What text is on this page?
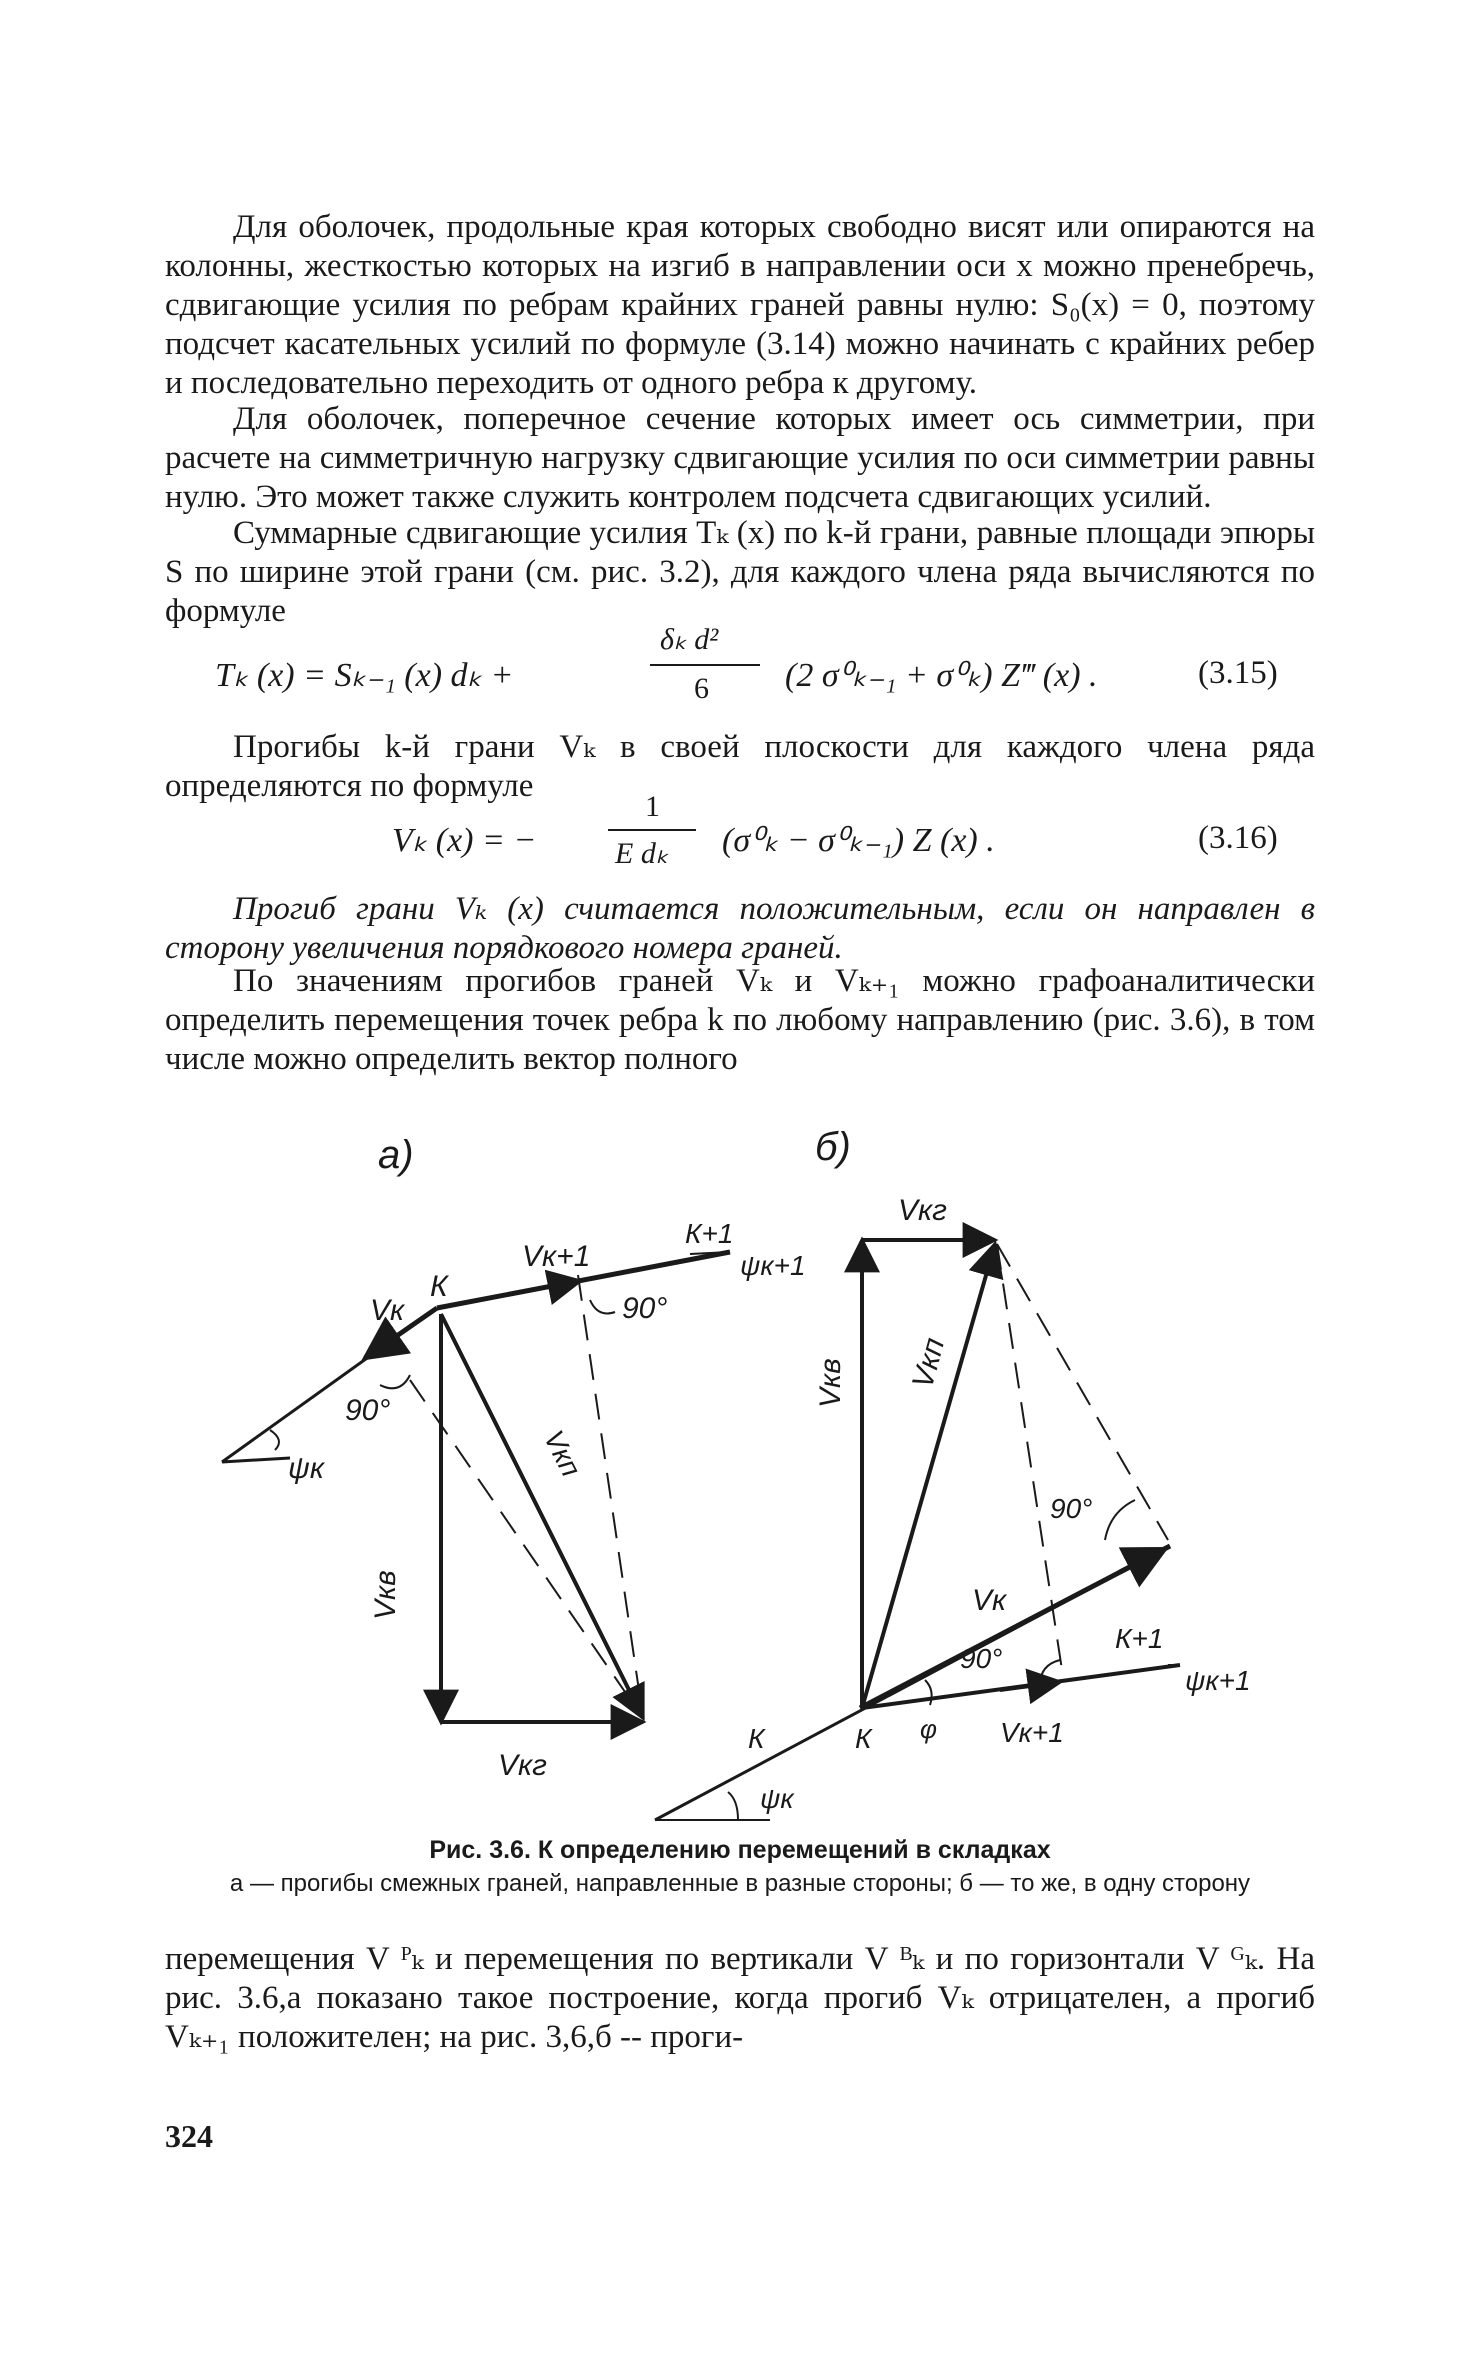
Для оболочек, продольные края которых свободно висят или опираются на колонны, жесткостью которых на изгиб в направлении оси x можно пренебречь, сдвигающие усилия по ребрам крайних граней равны нулю: S₀(x) = 0, поэтому подсчет касательных усилий по формуле (3.14) можно начинать с крайних ребер и последовательно переходить от одного ребра к другому.

Для оболочек, поперечное сечение которых имеет ось симметрии, при расчете на симметричную нагрузку сдвигающие усилия по оси симметрии равны нулю. Это может также служить контролем подсчета сдвигающих усилий.

Суммарные сдвигающие усилия Tₖ (x) по k-й грани, равные площади эпюры S по ширине этой грани (см. рис. 3.2), для каждого члена ряда вычисляются по формуле

Tₖ (x) = Sₖ₋₁ (x) dₖ +
δₖ d²
6 (2 σ⁰ₖ₋₁ + σ⁰ₖ) Z‴ (x) .	(3.15)

Прогибы k-й грани Vₖ в своей плоскости для каждого члена ряда определяются по формуле

Vₖ (x) = −
1
E dₖ (σ⁰ₖ − σ⁰ₖ₋₁) Z (x) .	(3.16)

Прогиб грани Vₖ (x) считается положительным, если он направлен в сторону увеличения порядкового номера граней.

По значениям прогибов граней Vₖ и Vₖ₊₁ можно графоаналитически определить перемещения точек ребра k по любому направлению (рис. 3.6), в том числе можно определить вектор полного

а)
Vк
К
Vк+1
К+1
ψк+1
90°
90°
ψк	Vкп
Vкв
Vкг
б)
Vкг
Vкв Vкп
90°
Vк
90°
К+1
ψк+1
К	К φ Vк+1
ψк
Рис. 3.6. К определению перемещений в складках
а — прогибы смежных граней, направленные в разные стороны; б — то же, в одну сторону

перемещения V ᴾₖ и перемещения по вертикали V ᴮₖ и по горизонтали V ᴳₖ. На рис. 3.6,а показано такое построение, когда прогиб Vₖ отрицателен, а прогиб Vₖ₊₁ положителен; на рис. 3,6,б -- проги-

324
